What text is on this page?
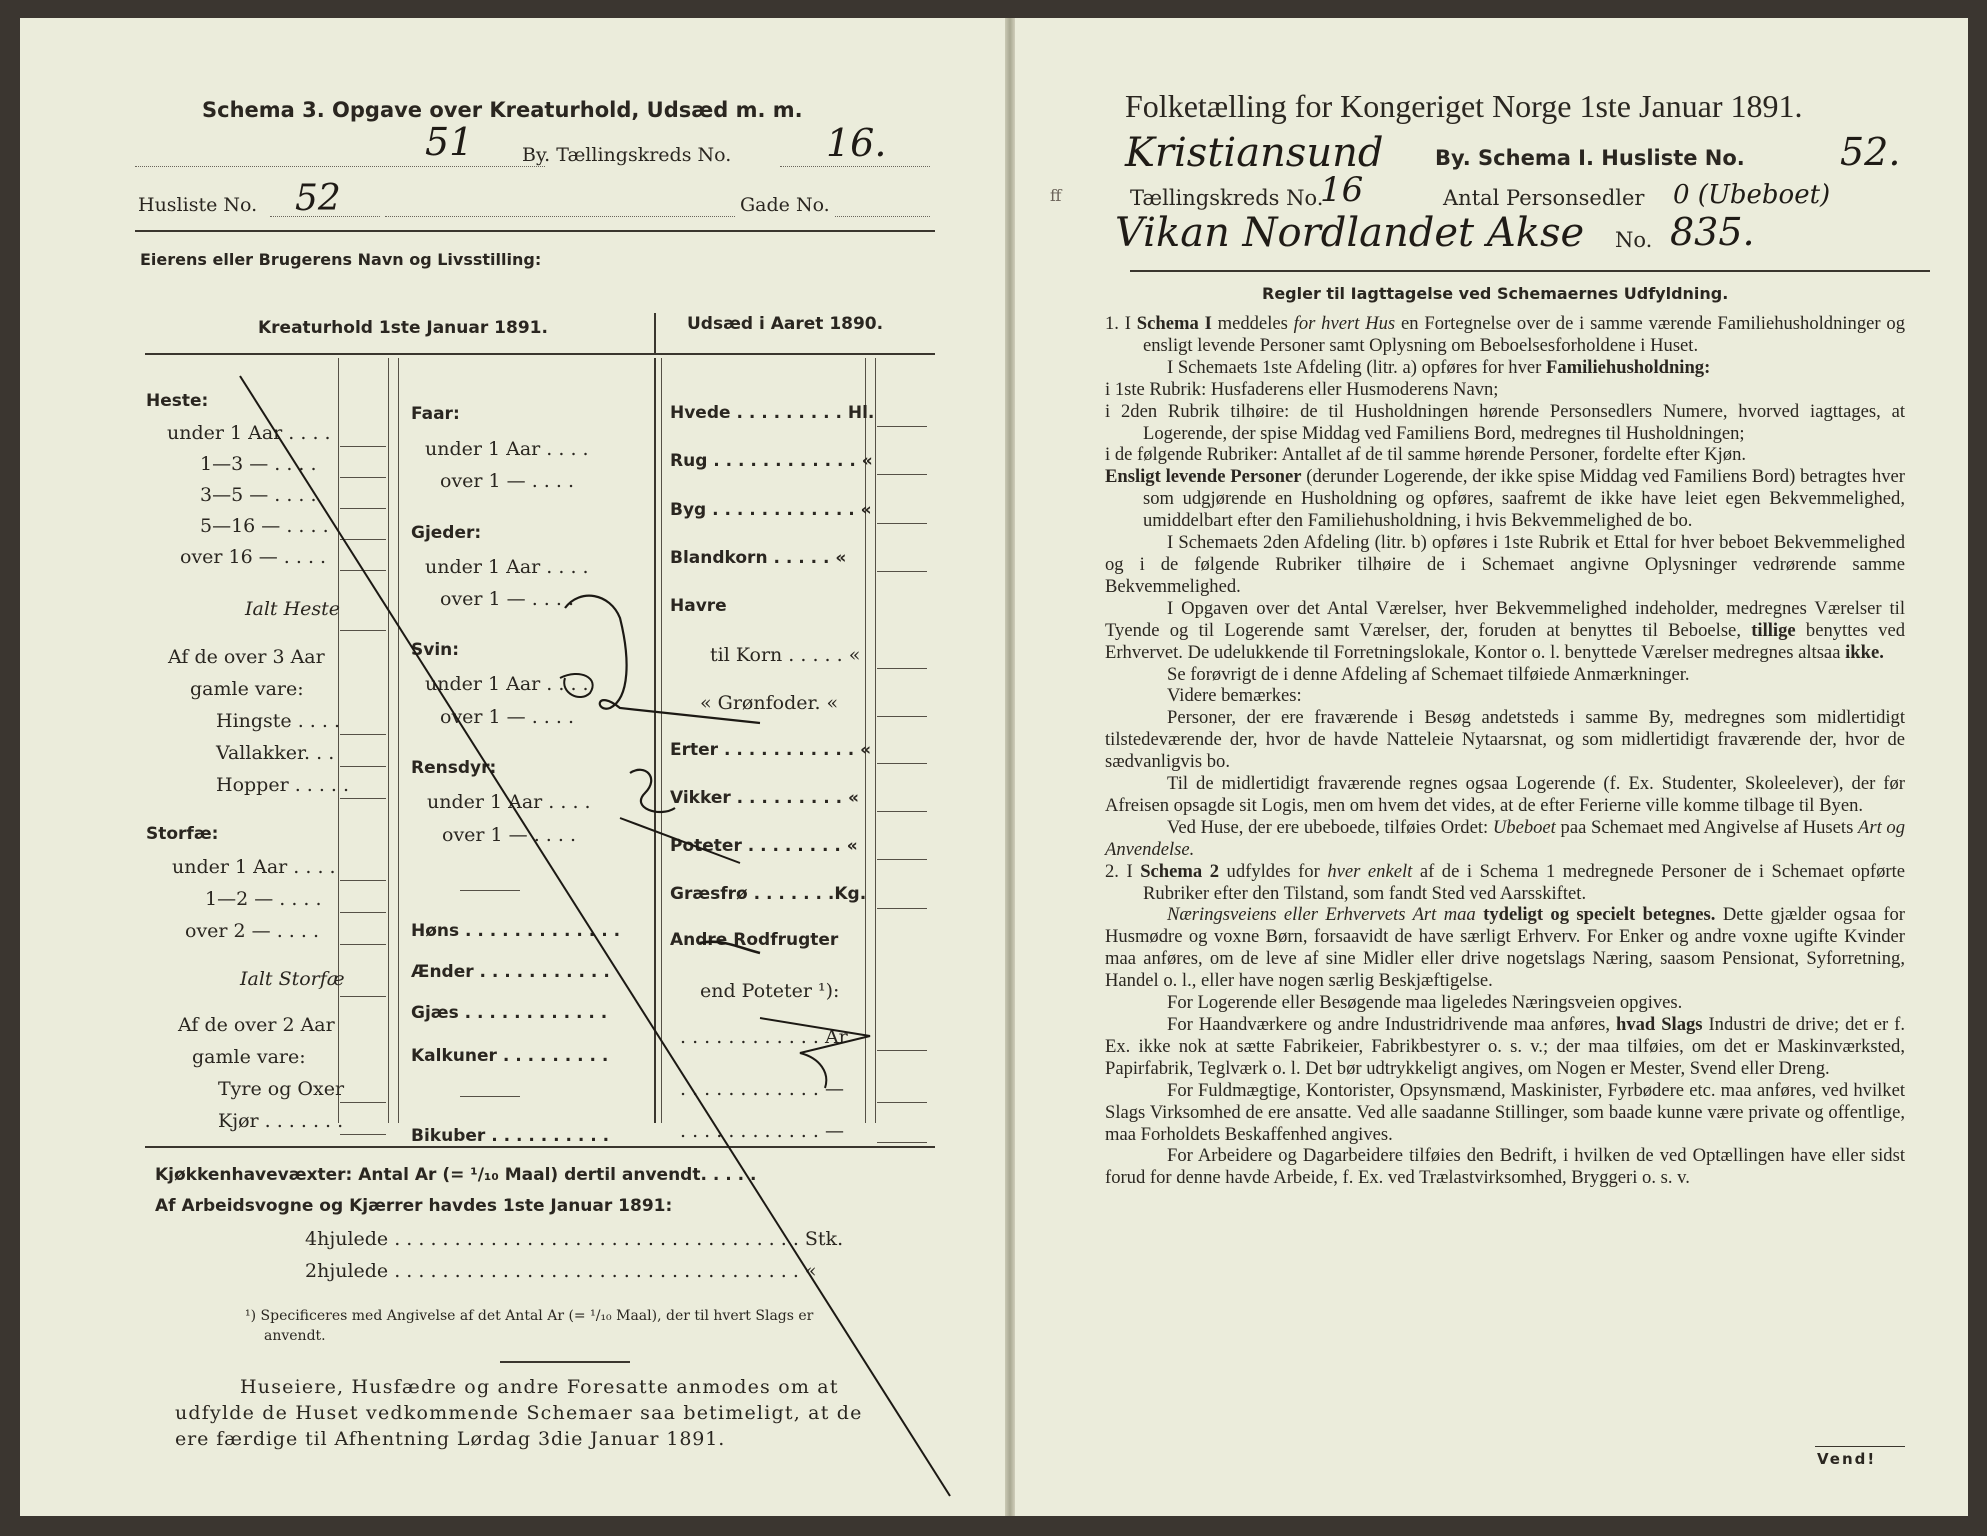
Schema 3. Opgave over Kreaturhold, Udsæd m. m.
51	By. Tællingskreds No. 16.
Husliste No. 52	Gade No.
Eierens eller Brugerens Navn og Livsstilling:
Kreaturhold 1ste Januar 1891.	Udsæd i Aaret 1890.
Heste:
under 1 Aar . . . .
1—3 — . . . .
3—5 — . . . .
5—16 — . . . .
over 16 — . . . .
Ialt Heste
Af de over 3 Aar
gamle vare:
Hingste . . . .
Vallakker. . .
Hopper . . . . .
Storfæ:
under 1 Aar . . . .
1—2 — . . . .
over 2 — . . . .
Ialt Storfæ
Af de over 2 Aar
gamle vare:
Tyre og Oxer
Kjør . . . . . . .
Faar:
under 1 Aar . . . .
over 1 — . . . .
Gjeder:
under 1 Aar . . . .
over 1 — . . . .
Svin:
under 1 Aar . . . .
over 1 — . . . .
Rensdyr:
under 1 Aar . . . .
over 1 — . . . .
Høns . . . . . . . . . . . . .
Ænder . . . . . . . . . . .
Gjæs . . . . . . . . . . . .
Kalkuner . . . . . . . . .
Bikuber . . . . . . . . . .
Hvede . . . . . . . . . Hl.
Rug . . . . . . . . . . . . «
Byg . . . . . . . . . . . . «
Blandkorn . . . . . «
Havre
til Korn . . . . . «
« Grønfoder. «
Erter . . . . . . . . . . . «
Vikker . . . . . . . . . «
Poteter . . . . . . . . «
Græsfrø . . . . . . .Kg.
Andre Rodfrugter
end Poteter ¹):
. . . . . . . . . . . . Ar
. . . . . . . . . . . . —
. . . . . . . . . . . . —
Kjøkkenhavevæxter: Antal Ar (= ¹/₁₀ Maal) dertil anvendt. . . . .
Af Arbeidsvogne og Kjærrer havdes 1ste Januar 1891:
4hjulede . . . . . . . . . . . . . . . . . . . . . . . . . . . . . . . . . . Stk.
2hjulede . . . . . . . . . . . . . . . . . . . . . . . . . . . . . . . . . . «
¹) Specificeres med Angivelse af det Antal Ar (= ¹/₁₀ Maal), der til hvert Slags er
anvendt.
Huseiere, Husfædre og andre Foresatte anmodes om at
udfylde de Huset vedkommende Schemaer saa betimeligt, at de
ere færdige til Afhentning Lørdag 3die Januar 1891.
Folketælling for Kongeriget Norge 1ste Januar 1891.
Kristiansund By. Schema I. Husliste No.	52.
ff	Tællingskreds No.
16	Antal Personsedler 0 (Ubeboet)
Vikan Nordlandet Akse No. 835.
Regler til Iagttagelse ved Schemaernes Udfyldning.

1. I Schema I meddeles for hvert Hus en Fortegnelse over de i samme værende Familiehusholdninger og ensligt levende Personer samt Oplysning om Beboelsesforholdene i Huset.

I Schemaets 1ste Afdeling (litr. a) opføres for hver Familiehusholdning:

i 1ste Rubrik: Husfaderens eller Husmoderens Navn;

i 2den Rubrik tilhøire: de til Husholdningen hørende Personsedlers Numere, hvorved iagttages, at Logerende, der spise Middag ved Familiens Bord, medregnes til Husholdningen;

i de følgende Rubriker: Antallet af de til samme hørende Personer, fordelte efter Kjøn.

Ensligt levende Personer (derunder Logerende, der ikke spise Middag ved Familiens Bord) betragtes hver som udgjørende en Husholdning og opføres, saafremt de ikke have leiet egen Bekvemmelighed, umiddelbart efter den Familiehusholdning, i hvis Bekvemmelighed de bo.

I Schemaets 2den Afdeling (litr. b) opføres i 1ste Rubrik et Ettal for hver beboet Bekvemmelighed og i de følgende Rubriker tilhøire de i Schemaet angivne Oplysninger vedrørende samme Bekvemmelighed.

I Opgaven over det Antal Værelser, hver Bekvemmelighed indeholder, medregnes Værelser til Tyende og til Logerende samt Værelser, der, foruden at benyttes til Beboelse, tillige benyttes ved Erhvervet. De udelukkende til Forretningslokale, Kontor o. l. benyttede Værelser medregnes altsaa ikke.

Se forøvrigt de i denne Afdeling af Schemaet tilføiede Anmærkninger.

Videre bemærkes:

Personer, der ere fraværende i Besøg andetsteds i samme By, medregnes som midlertidigt tilstedeværende der, hvor de havde Natteleie Nytaarsnat, og som midlertidigt fraværende der, hvor de sædvanligvis bo.

Til de midlertidigt fraværende regnes ogsaa Logerende (f. Ex. Studenter, Skoleelever), der før Afreisen opsagde sit Logis, men om hvem det vides, at de efter Ferierne ville komme tilbage til Byen.

Ved Huse, der ere ubeboede, tilføies Ordet: Ubeboet paa Schemaet med Angivelse af Husets Art og Anvendelse.

2. I Schema 2 udfyldes for hver enkelt af de i Schema 1 medregnede Personer de i Schemaet opførte Rubriker efter den Tilstand, som fandt Sted ved Aarsskiftet.

Næringsveiens eller Erhvervets Art maa tydeligt og specielt betegnes. Dette gjælder ogsaa for Husmødre og voxne Børn, forsaavidt de have særligt Erhverv. For Enker og andre voxne ugifte Kvinder maa anføres, om de leve af sine Midler eller drive nogetslags Næring, saasom Pensionat, Syforretning, Handel o. l., eller have nogen særlig Beskjæftigelse.

For Logerende eller Besøgende maa ligeledes Næringsveien opgives.

For Haandværkere og andre Industridrivende maa anføres, hvad Slags Industri de drive; det er f. Ex. ikke nok at sætte Fabrikeier, Fabrikbestyrer o. s. v.; der maa tilføies, om det er Maskinværksted, Papirfabrik, Teglværk o. l. Det bør udtrykkeligt angives, om Nogen er Mester, Svend eller Dreng.

For Fuldmægtige, Kontorister, Opsynsmænd, Maskinister, Fyrbødere etc. maa anføres, ved hvilket Slags Virksomhed de ere ansatte. Ved alle saadanne Stillinger, som baade kunne være private og offentlige, maa Forholdets Beskaffenhed angives.

For Arbeidere og Dagarbeidere tilføies den Bedrift, i hvilken de ved Optællingen have eller sidst forud for denne havde Arbeide, f. Ex. ved Trælastvirksomhed, Bryggeri o. s. v.

Vend!
